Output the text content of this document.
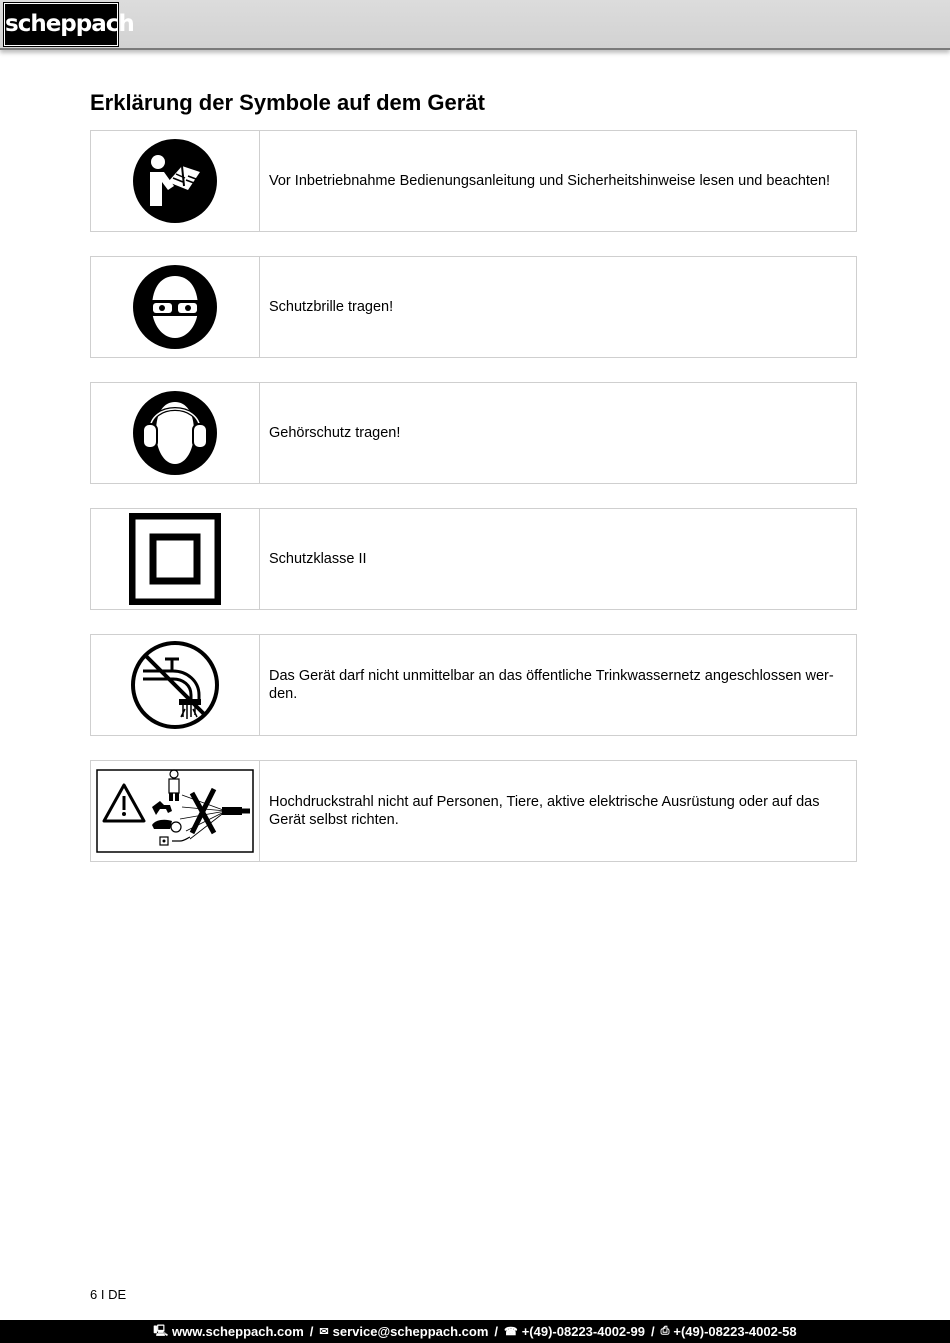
scheppach
Erklärung der Symbole auf dem Gerät
Vor Inbetriebnahme Bedienungsanleitung und Sicherheitshinweise lesen und beachten!
Schutzbrille tragen!
Gehörschutz tragen!
Schutzklasse II
Das Gerät darf nicht unmittelbar an das öffentliche Trinkwassernetz angeschlossen wer-den.
Hochdruckstrahl nicht auf Personen, Tiere, aktive elektrische Ausrüstung oder auf das Gerät selbst richten.
6 I DE
🖳 www.scheppach.com / ✉ service@scheppach.com / ☎ +(49)-08223-4002-99 / ⎙ +(49)-08223-4002-58
